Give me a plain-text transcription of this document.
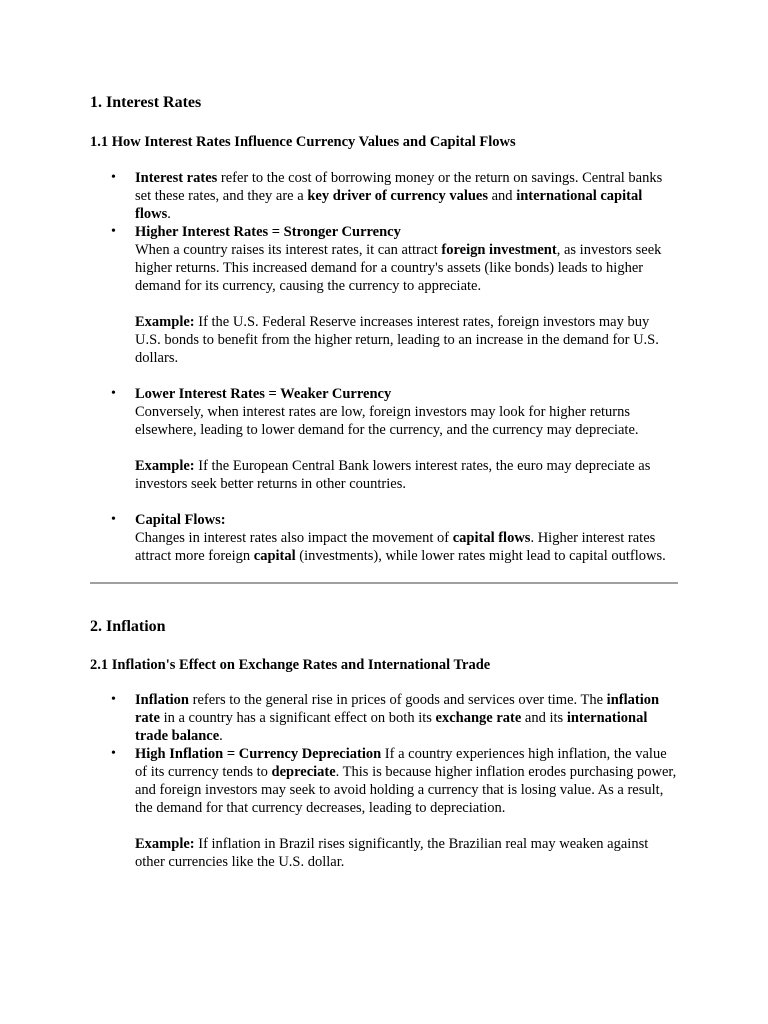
1. Interest Rates
1.1 How Interest Rates Influence Currency Values and Capital Flows
• Interest rates refer to the cost of borrowing money or the return on savings. Central banks set these rates, and they are a key driver of currency values and international capital flows.
• Higher Interest Rates = Stronger Currency
When a country raises its interest rates, it can attract foreign investment, as investors seek higher returns. This increased demand for a country's assets (like bonds) leads to higher demand for its currency, causing the currency to appreciate.
Example: If the U.S. Federal Reserve increases interest rates, foreign investors may buy U.S. bonds to benefit from the higher return, leading to an increase in the demand for U.S. dollars.
• Lower Interest Rates = Weaker Currency
Conversely, when interest rates are low, foreign investors may look for higher returns elsewhere, leading to lower demand for the currency, and the currency may depreciate.
Example: If the European Central Bank lowers interest rates, the euro may depreciate as investors seek better returns in other countries.
• Capital Flows:
Changes in interest rates also impact the movement of capital flows. Higher interest rates attract more foreign capital (investments), while lower rates might lead to capital outflows.
2. Inflation
2.1 Inflation's Effect on Exchange Rates and International Trade
• Inflation refers to the general rise in prices of goods and services over time. The inflation rate in a country has a significant effect on both its exchange rate and its international trade balance.
• High Inflation = Currency Depreciation If a country experiences high inflation, the value of its currency tends to depreciate. This is because higher inflation erodes purchasing power, and foreign investors may seek to avoid holding a currency that is losing value. As a result, the demand for that currency decreases, leading to depreciation.
Example: If inflation in Brazil rises significantly, the Brazilian real may weaken against other currencies like the U.S. dollar.
